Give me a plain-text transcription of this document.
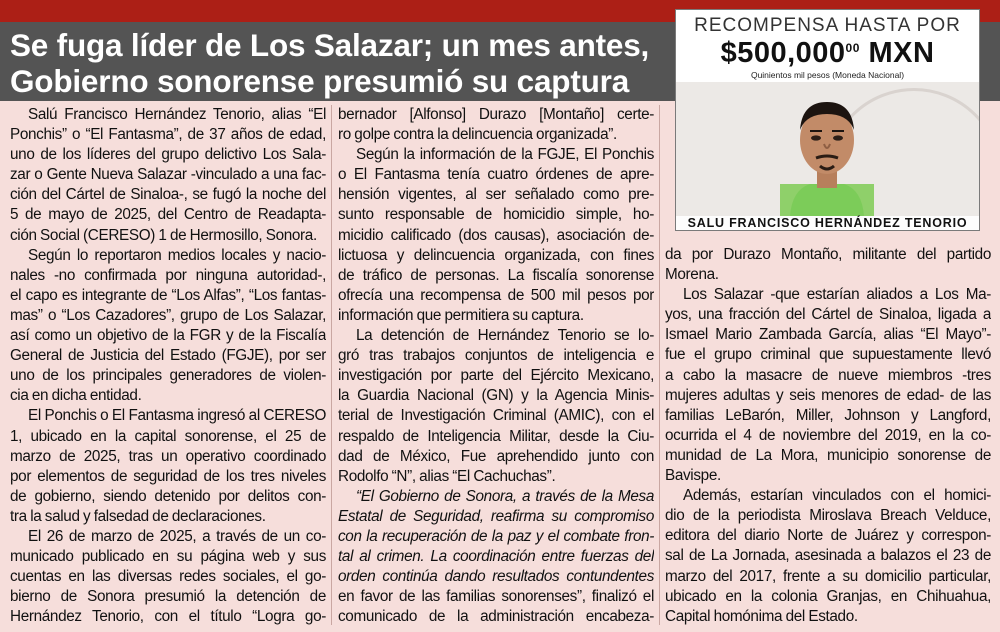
Se fuga líder de Los Salazar; un mes antes,
Gobierno sonorense presumió su captura
RECOMPENSA HASTA POR
$500,000$^{00}$ MXN
Quinientos mil pesos (Moneda Nacional)
SALU FRANCISCO HERNÁNDEZ TENORIO
Salú Francisco Hernández Tenorio, alias “El
Ponchis” o “El Fantasma”, de 37 años de edad,
uno de los líderes del grupo delictivo Los Sala-
zar o Gente Nueva Salazar -vinculado a una fac-
ción del Cártel de Sinaloa-, se fugó la noche del
5 de mayo de 2025, del Centro de Readapta-
ción Social (CERESO) 1 de Hermosillo, Sonora.
Según lo reportaron medios locales y nacio-
nales -no confirmada por ninguna autoridad-,
el capo es integrante de “Los Alfas”, “Los fantas-
mas” o “Los Cazadores”, grupo de Los Salazar,
así como un objetivo de la FGR y de la Fiscalía
General de Justicia del Estado (FGJE), por ser
uno de los principales generadores de violen-
cia en dicha entidad.
El Ponchis o El Fantasma ingresó al CERESO
1, ubicado en la capital sonorense, el 25 de
marzo de 2025, tras un operativo coordinado
por elementos de seguridad de los tres niveles
de gobierno, siendo detenido por delitos con-
tra la salud y falsedad de declaraciones.
El 26 de marzo de 2025, a través de un co-
municado publicado en su página web y sus
cuentas en las diversas redes sociales, el go-
bierno de Sonora presumió la detención de
Hernández Tenorio, con el título “Logra go-
bernador [Alfonso] Durazo [Montaño] certe-
ro golpe contra la delincuencia organizada”.
Según la información de la FGJE, El Ponchis
o El Fantasma tenía cuatro órdenes de apre-
hensión vigentes, al ser señalado como pre-
sunto responsable de homicidio simple, ho-
micidio calificado (dos causas), asociación de-
lictuosa y delincuencia organizada, con fines
de tráfico de personas. La fiscalía sonorense
ofrecía una recompensa de 500 mil pesos por
información que permitiera su captura.
La detención de Hernández Tenorio se lo-
gró tras trabajos conjuntos de inteligencia e
investigación por parte del Ejército Mexicano,
la Guardia Nacional (GN) y la Agencia Minis-
terial de Investigación Criminal (AMIC), con el
respaldo de Inteligencia Militar, desde la Ciu-
dad de México, Fue aprehendido junto con
Rodolfo “N”, alias “El Cachuchas”.
“El Gobierno de Sonora, a través de la Mesa
Estatal de Seguridad, reafirma su compromiso
con la recuperación de la paz y el combate fron-
tal al crimen. La coordinación entre fuerzas del
orden continúa dando resultados contundentes
en favor de las familias sonorenses”, finalizó el
comunicado de la administración encabeza-
da por Durazo Montaño, militante del partido
Morena.
Los Salazar -que estarían aliados a Los Ma-
yos, una fracción del Cártel de Sinaloa, ligada a
Ismael Mario Zambada García, alias “El Mayo”-
fue el grupo criminal que supuestamente llevó
a cabo la masacre de nueve miembros -tres
mujeres adultas y seis menores de edad- de las
familias LeBarón, Miller, Johnson y Langford,
ocurrida el 4 de noviembre del 2019, en la co-
munidad de La Mora, municipio sonorense de
Bavispe.
Además, estarían vinculados con el homici-
dio de la periodista Miroslava Breach Velduce,
editora del diario Norte de Juárez y correspon-
sal de La Jornada, asesinada a balazos el 23 de
marzo del 2017, frente a su domicilio particular,
ubicado en la colonia Granjas, en Chihuahua,
Capital homónima del Estado.
